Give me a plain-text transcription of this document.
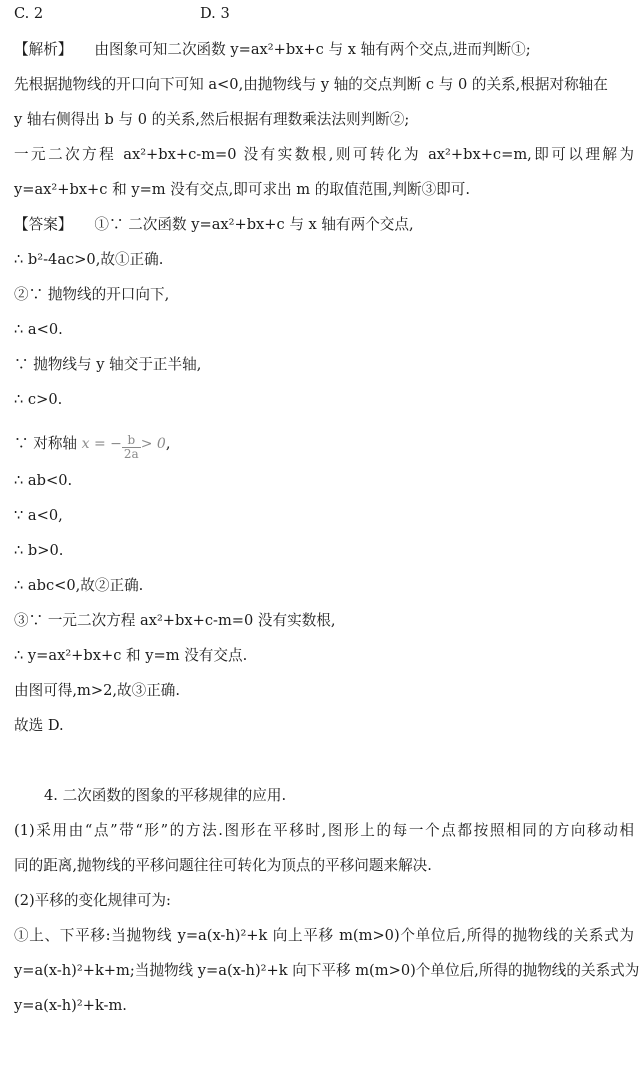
C. 2	D. 3
【解析】 由图象可知二次函数 y=ax²+bx+c 与 x 轴有两个交点,进而判断①;
先根据抛物线的开口向下可知 a<0,由抛物线与 y 轴的交点判断 c 与 0 的关系,根据对称轴在
y 轴右侧得出 b 与 0 的关系,然后根据有理数乘法法则判断②;
一元二次方程 ax²+bx+c-m=0 没有实数根,则可转化为 ax²+bx+c=m,即可以理解为
y=ax²+bx+c 和 y=m 没有交点,即可求出 m 的取值范围,判断③即可.
【答案】 ①∵ 二次函数 y=ax²+bx+c 与 x 轴有两个交点,
∴ b²-4ac>0,故①正确.
②∵ 抛物线的开口向下,
∴ a<0.
∵ 抛物线与 y 轴交于正半轴,
∴ c>0.
∵ 对称轴 x = − $\frac{b}{2a} > 0$,
∴ ab<0.
∵ a<0,
∴ b>0.
∴ abc<0,故②正确.
③∵ 一元二次方程 ax²+bx+c-m=0 没有实数根,
∴ y=ax²+bx+c 和 y=m 没有交点.
由图可得,m>2,故③正确.
故选 D.
4. 二次函数的图象的平移规律的应用.
(1)采用由“点”带“形”的方法.图形在平移时,图形上的每一个点都按照相同的方向移动相
同的距离,抛物线的平移问题往往可转化为顶点的平移问题来解决.
(2)平移的变化规律可为:
①上、下平移:当抛物线 y=a(x-h)²+k 向上平移 m(m>0)个单位后,所得的抛物线的关系式为
y=a(x-h)²+k+m;当抛物线 y=a(x-h)²+k 向下平移 m(m>0)个单位后,所得的抛物线的关系式为
y=a(x-h)²+k-m.
